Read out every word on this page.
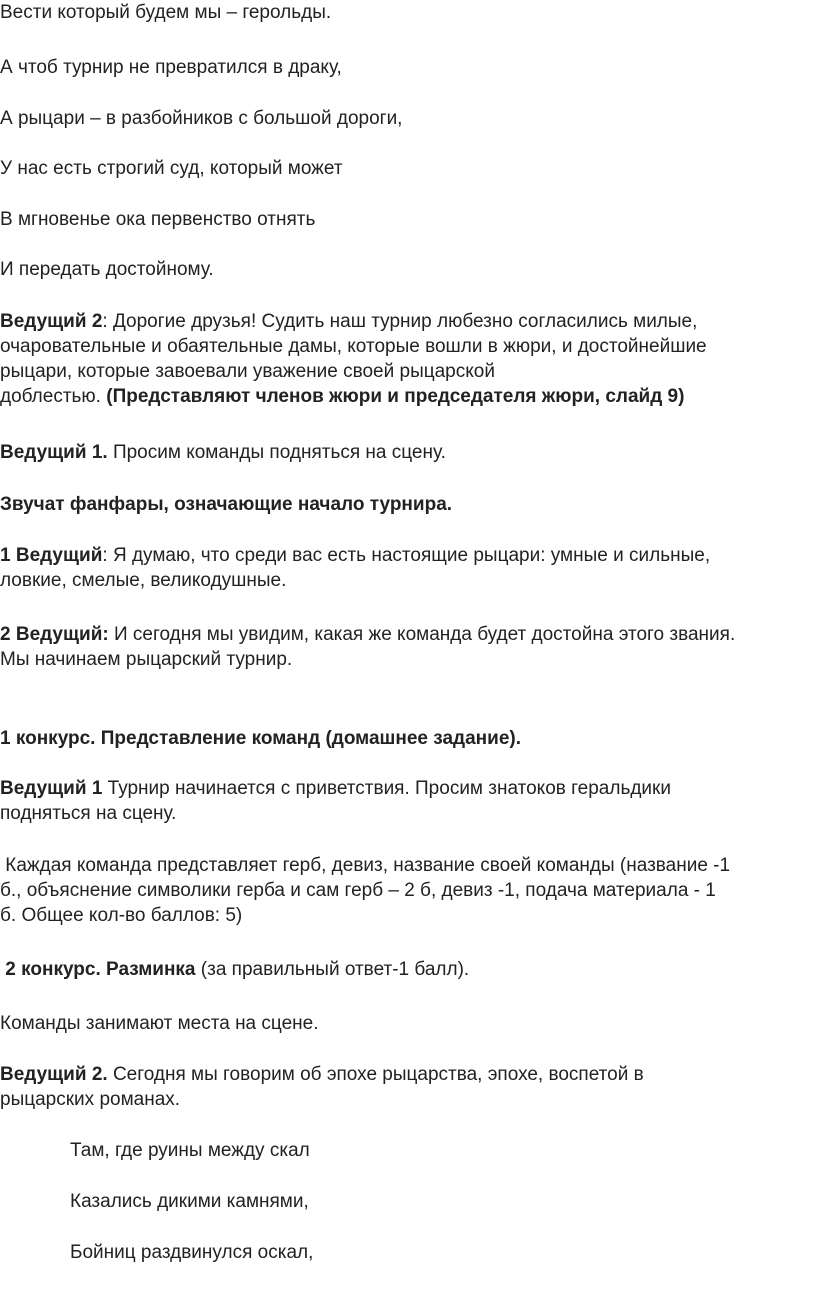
Вести который будем мы – герольды.

А чтоб турнир не превратился в драку,

А рыцари – в разбойников с большой дороги,

У нас есть строгий суд, который может

В мгновенье ока первенство отнять

И передать достойному.

Ведущий 2: Дорогие друзья! Судить наш турнир любезно согласились милые,
очаровательные и обаятельные дамы, которые вошли в жюри, и достойнейшие
рыцари, которые завоевали уважение своей рыцарской
доблестью. (Представляют членов жюри и председателя жюри, слайд 9)

Ведущий 1. Просим команды подняться на сцену.

Звучат фанфары, означающие начало турнира.

1 Ведущий: Я думаю, что среди вас есть настоящие рыцари: умные и сильные,
ловкие, смелые, великодушные.
2 Ведущий: И сегодня мы увидим, какая же команда будет достойна этого звания.
Мы начинаем рыцарский турнир.

1 конкурс. Представление команд (домашнее задание).

Ведущий 1 Турнир начинается с приветствия. Просим знатоков геральдики
подняться на сцену.
Каждая команда представляет герб, девиз, название своей команды (название -1
б., объяснение символики герба и сам герб – 2 б, девиз -1, подача материала - 1
б. Общее кол-во баллов: 5)

2 конкурс. Разминка (за правильный ответ-1 балл).

Команды занимают места на сцене.

Ведущий 2. Сегодня мы говорим об эпохе рыцарства, эпохе, воспетой в
рыцарских романах.

Там, где руины между скал

Казались дикими камнями,

Бойниц раздвинулся оскал,
